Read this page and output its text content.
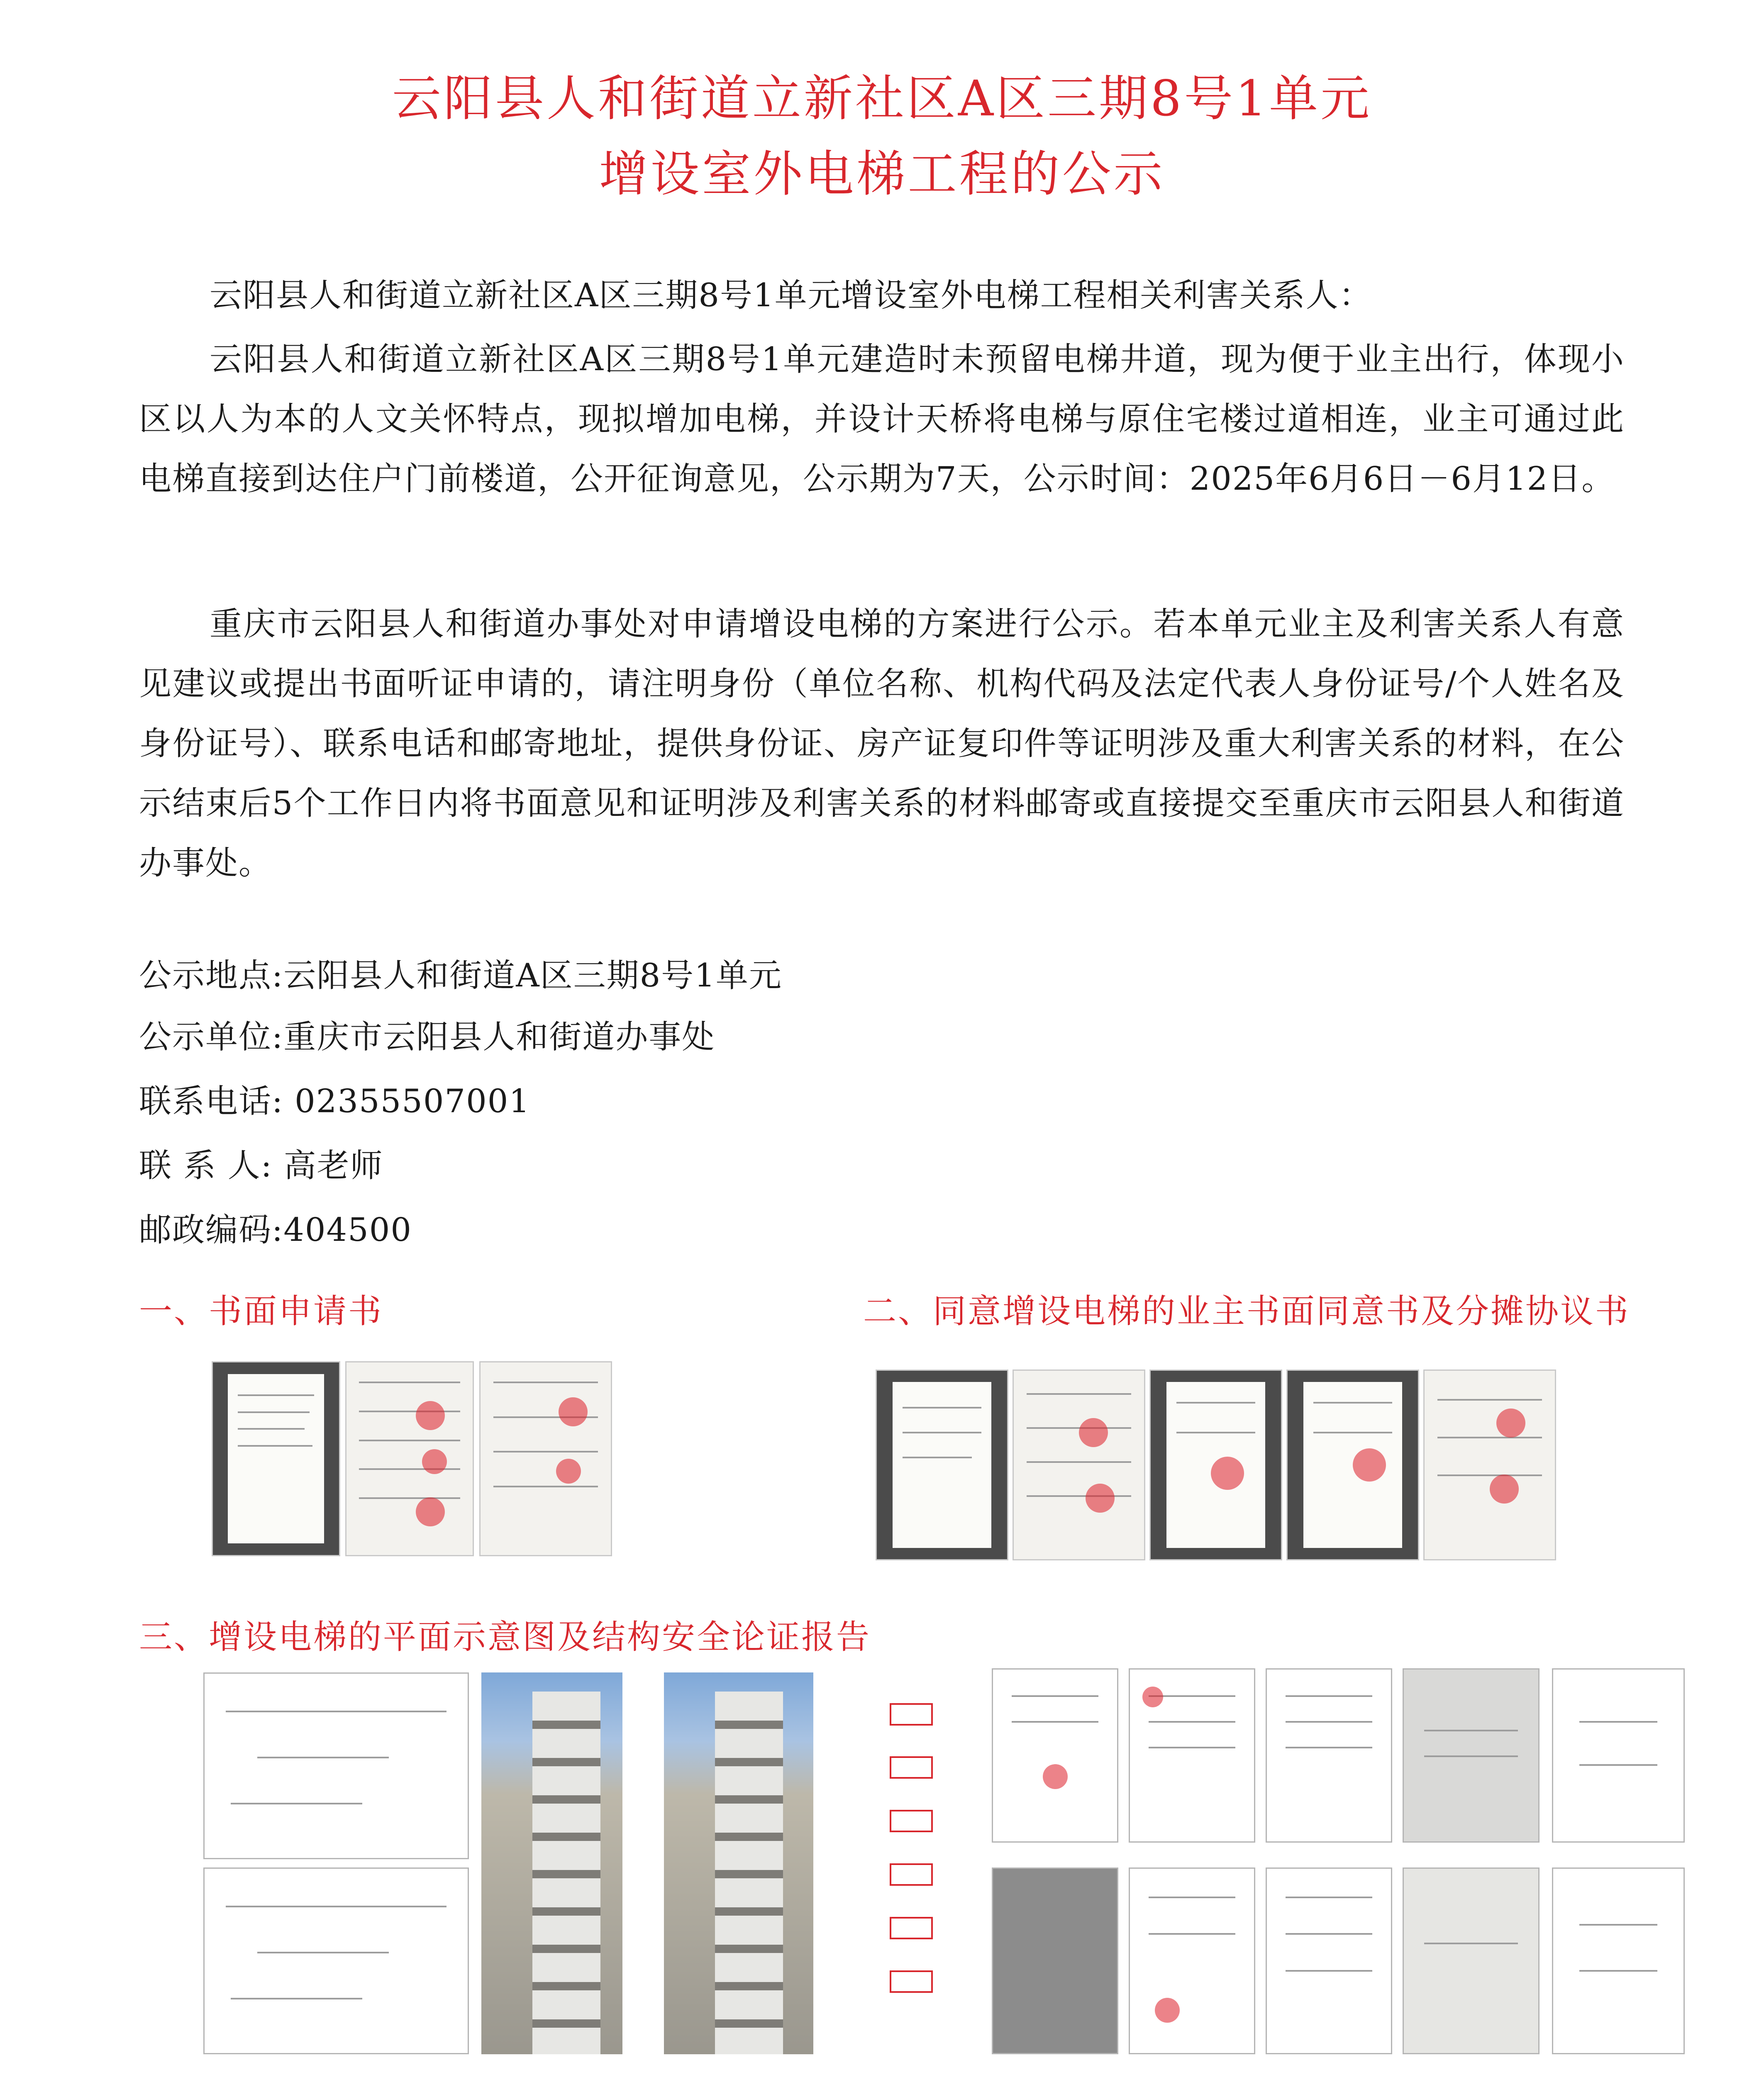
云阳县人和街道立新社区A区三期8号1单元
增设室外电梯工程的公示
云阳县人和街道立新社区A区三期8号1单元增设室外电梯工程相关利害关系人：
云阳县人和街道立新社区A区三期8号1单元建造时未预留电梯井道，现为便于业主出行，体现小区以人为本的人文关怀特点，现拟增加电梯，并设计天桥将电梯与原住宅楼过道相连，业主可通过此电梯直接到达住户门前楼道，公开征询意见，公示期为7天，公示时间：2025年6月6日－6月12日。
重庆市云阳县人和街道办事处对申请增设电梯的方案进行公示。若本单元业主及利害关系人有意见建议或提出书面听证申请的，请注明身份（单位名称、机构代码及法定代表人身份证号/个人姓名及身份证号）、联系电话和邮寄地址，提供身份证、房产证复印件等证明涉及重大利害关系的材料，在公示结束后5个工作日内将书面意见和证明涉及利害关系的材料邮寄或直接提交至重庆市云阳县人和街道办事处。
公示地点:云阳县人和街道A区三期8号1单元
公示单位:重庆市云阳县人和街道办事处
联系电话: 02355507001
联 系 人: 高老师
邮政编码:404500
一、书面申请书	二、同意增设电梯的业主书面同意书及分摊协议书
三、增设电梯的平面示意图及结构安全论证报告
